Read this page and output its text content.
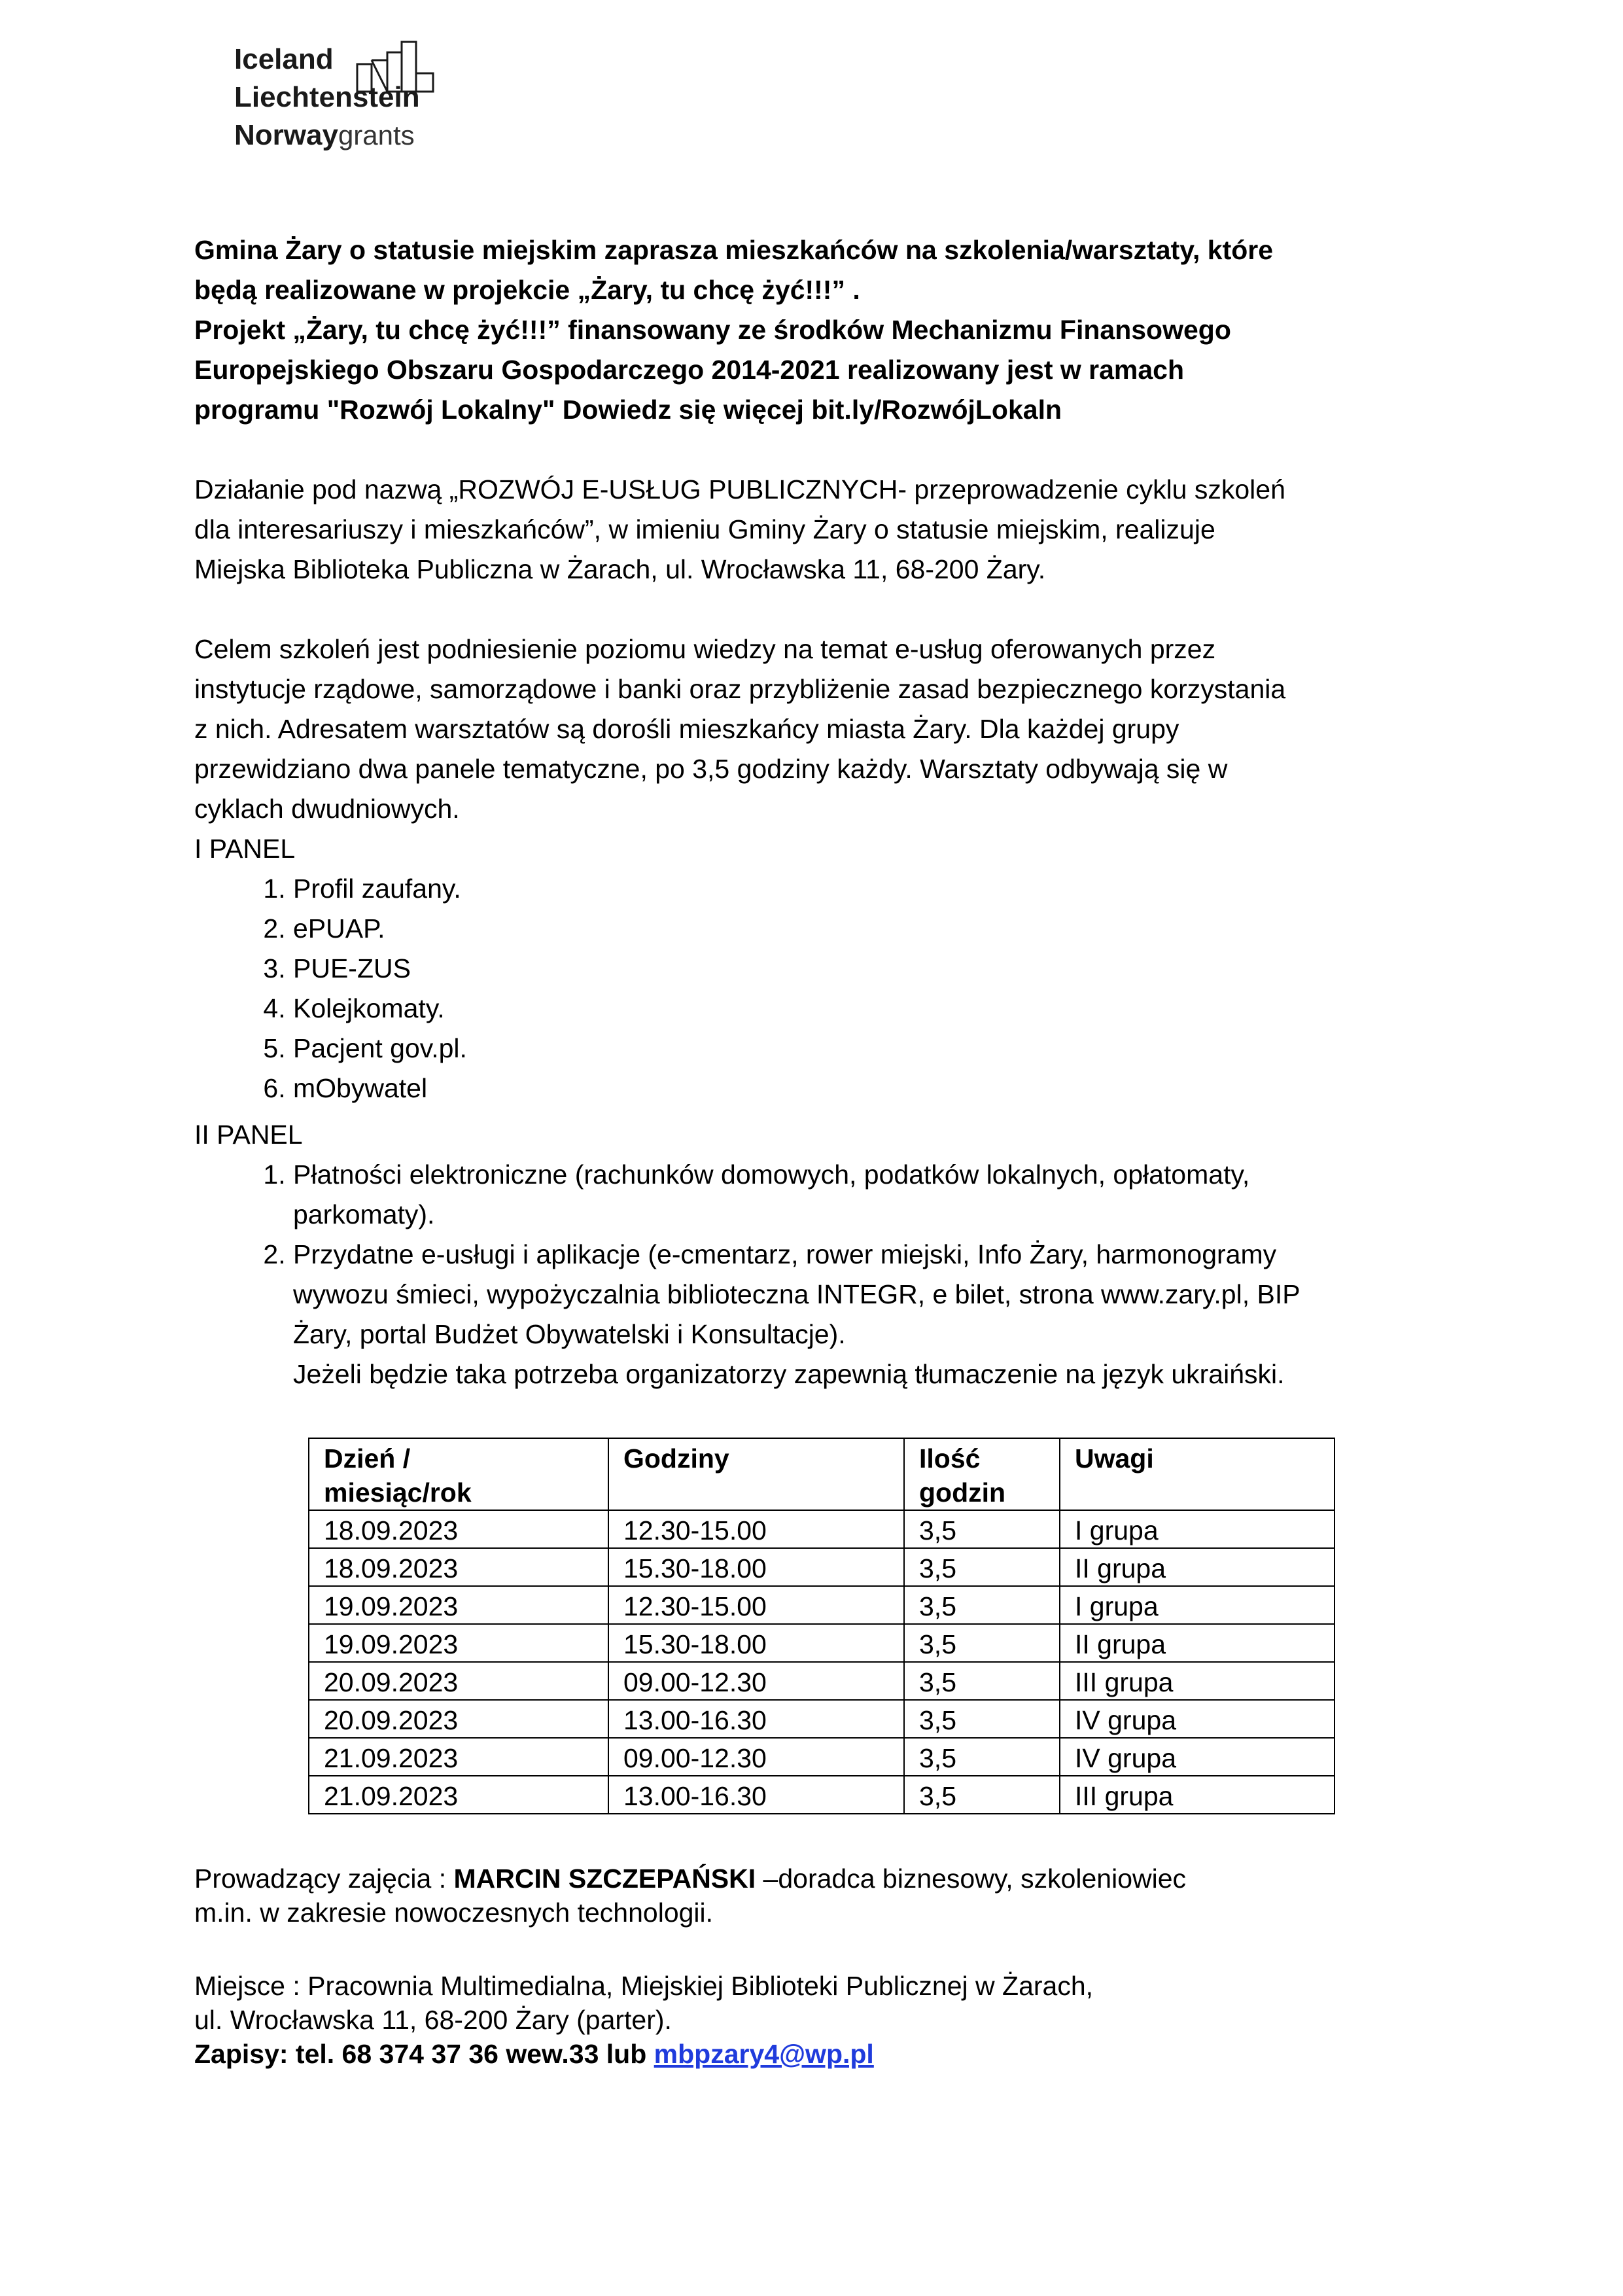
Iceland
Liechtenstein
Norwaygrants

Gmina Żary o statusie miejskim zaprasza mieszkańców na szkolenia/warsztaty, które

będą realizowane w projekcie „Żary, tu chcę żyć!!!” .

Projekt „Żary, tu chcę żyć!!!” finansowany ze środków Mechanizmu Finansowego

Europejskiego Obszaru Gospodarczego 2014-2021 realizowany jest w ramach

programu "Rozwój Lokalny" Dowiedz się więcej bit.ly/RozwójLokaln

Działanie pod nazwą „ROZWÓJ E-USŁUG PUBLICZNYCH- przeprowadzenie cyklu szkoleń

dla interesariuszy i mieszkańców”, w imieniu Gminy Żary o statusie miejskim, realizuje

Miejska Biblioteka Publiczna w Żarach, ul. Wrocławska 11, 68-200 Żary.

Celem szkoleń jest podniesienie poziomu wiedzy na temat e-usług oferowanych przez

instytucje rządowe, samorządowe i banki oraz przybliżenie zasad bezpiecznego korzystania

z nich. Adresatem warsztatów są dorośli mieszkańcy miasta Żary. Dla każdej grupy

przewidziano dwa panele tematyczne, po 3,5 godziny każdy. Warsztaty odbywają się w

cyklach dwudniowych.

I PANEL

1. Profil zaufany.
2. ePUAP.
3. PUE-ZUS
4. Kolejkomaty.
5. Pacjent gov.pl.
6. mObywatel

II PANEL

1. Płatności elektroniczne (rachunków domowych, podatków lokalnych, opłatomaty,
parkomaty).
2. Przydatne e-usługi i aplikacje (e-cmentarz, rower miejski, Info Żary, harmonogramy
wywozu śmieci, wypożyczalnia biblioteczna INTEGR, e bilet, strona www.zary.pl, BIP
Żary, portal Budżet Obywatelski i Konsultacje).

Jeżeli będzie taka potrzeba organizatorzy zapewnią tłumaczenie na język ukraiński.

Dzień /
miesiąc/rok	Godziny	Ilość
godzin	Uwagi
18.09.2023	12.30-15.00	3,5	I grupa
18.09.2023	15.30-18.00	3,5	II grupa
19.09.2023	12.30-15.00	3,5	I grupa
19.09.2023	15.30-18.00	3,5	II grupa
20.09.2023	09.00-12.30	3,5	III grupa
20.09.2023	13.00-16.30	3,5	IV grupa
21.09.2023	09.00-12.30	3,5	IV grupa
21.09.2023	13.00-16.30	3,5	III grupa

Prowadzący zajęcia : MARCIN SZCZEPAŃSKI –doradca biznesowy, szkoleniowiec

m.in. w zakresie nowoczesnych technologii.

Miejsce : Pracownia Multimedialna, Miejskiej Biblioteki Publicznej w Żarach,

ul. Wrocławska 11, 68-200 Żary (parter).

Zapisy: tel. 68 374 37 36 wew.33 lub mbpzary4@wp.pl
